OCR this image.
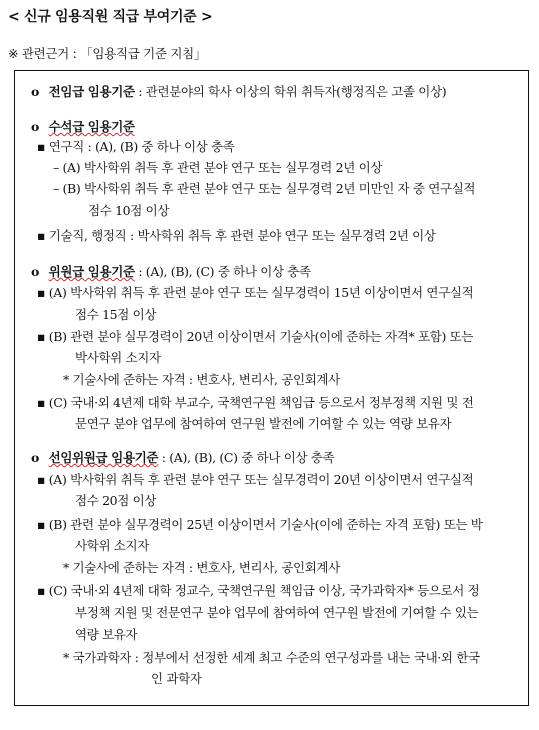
< 신규 임용직원 직급 부여기준 >
※ 관련근거 : 「임용직급 기준 지침」
o 전임급 임용기준 : 관련분야의 학사 이상의 학위 취득자(행정직은 고졸 이상)
o 수석급 임용기준
▪ 연구직 : (A), (B) 중 하나 이상 충족
– (A) 박사학위 취득 후 관련 분야 연구 또는 실무경력 2년 이상
– (B) 박사학위 취득 후 관련 분야 연구 또는 실무경력 2년 미만인 자 중 연구실적
점수 10점 이상
▪ 기술직, 행정직 : 박사학위 취득 후 관련 분야 연구 또는 실무경력 2년 이상
o 위원급 임용기준 : (A), (B), (C) 중 하나 이상 충족
▪ (A) 박사학위 취득 후 관련 분야 연구 또는 실무경력이 15년 이상이면서 연구실적
점수 15점 이상
▪ (B) 관련 분야 실무경력이 20년 이상이면서 기술사(이에 준하는 자격* 포함) 또는
박사학위 소지자
* 기술사에 준하는 자격 : 변호사, 변리사, 공인회계사
▪ (C) 국내·외 4년제 대학 부교수, 국책연구원 책임급 등으로서 정부정책 지원 및 전
문연구 분야 업무에 참여하여 연구원 발전에 기여할 수 있는 역량 보유자
o 선임위원급 임용기준 : (A), (B), (C) 중 하나 이상 충족
▪ (A) 박사학위 취득 후 관련 분야 연구 또는 실무경력이 20년 이상이면서 연구실적
점수 20점 이상
▪ (B) 관련 분야 실무경력이 25년 이상이면서 기술사(이에 준하는 자격 포함) 또는 박
사학위 소지자
* 기술사에 준하는 자격 : 변호사, 변리사, 공인회계사
▪ (C) 국내·외 4년제 대학 정교수, 국책연구원 책임급 이상, 국가과학자* 등으로서 정
부정책 지원 및 전문연구 분야 업무에 참여하여 연구원 발전에 기여할 수 있는
역량 보유자
* 국가과학자 : 정부에서 선정한 세계 최고 수준의 연구성과를 내는 국내·외 한국
인 과학자
